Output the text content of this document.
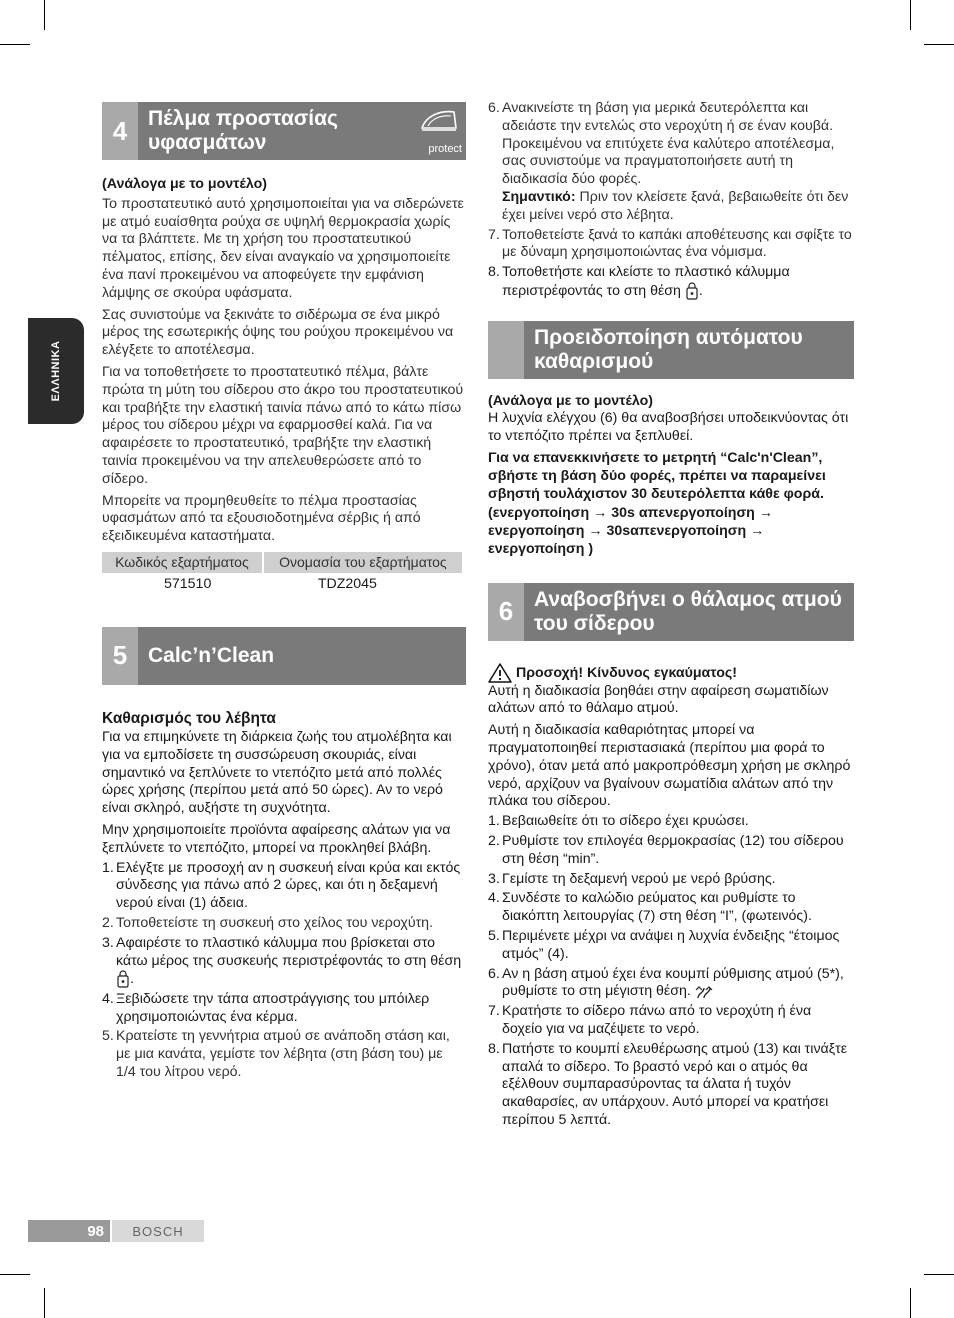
ΕΛΛΗΝΙΚΑ
4 Πέλμα προστασίας υφασμάτων	protect
(Ανάλογα με το μοντέλο)
Το προστατευτικό αυτό χρησιμοποιείται για να σιδερώνετε με ατμό ευαίσθητα ρούχα σε υψηλή θερμοκρασία χωρίς να τα βλάπτετε. Με τη χρήση του προστατευτικού πέλματος, επίσης, δεν είναι αναγκαίο να χρησιμοποιείτε ένα πανί προκειμένου να αποφεύγετε την εμφάνιση λάμψης σε σκούρα υφάσματα.
Σας συνιστούμε να ξεκινάτε το σιδέρωμα σε ένα μικρό μέρος της εσωτερικής όψης του ρούχου προκειμένου να ελέγξετε το αποτέλεσμα.
Για να τοποθετήσετε το προστατευτικό πέλμα, βάλτε πρώτα τη μύτη του σίδερου στο άκρο του προστατευτικού και τραβήξτε την ελαστική ταινία πάνω από το κάτω πίσω μέρος του σίδερου μέχρι να εφαρμοσθεί καλά. Για να αφαιρέσετε το προστατευτικό, τραβήξτε την ελαστική ταινία προκειμένου να την απελευθερώσετε από το σίδερο.
Μπορείτε να προμηθευθείτε το πέλμα προστασίας υφασμάτων από τα εξουσιοδοτημένα σέρβις ή από εξειδικευμένα καταστήματα.
Κωδικός εξαρτήματος	Ονομασία του εξαρτήματος
571510	TDZ2045
5 Calc’n’Clean
Καθαρισμός του λέβητα
Για να επιμηκύνετε τη διάρκεια ζωής του ατμολέβητα και για να εμποδίσετε τη συσσώρευση σκουριάς, είναι σημαντικό να ξεπλύνετε το ντεπόζιτο μετά από πολλές ώρες χρήσης (περίπου μετά από 50 ώρες). Αν το νερό είναι σκληρό, αυξήστε τη συχνότητα.
Μην χρησιμοποιείτε προϊόντα αφαίρεσης αλάτων για να ξεπλύνετε το ντεπόζιτο, μπορεί να προκληθεί βλάβη.
1. Ελέγξτε με προσοχή αν η συσκευή είναι κρύα και εκτός σύνδεσης για πάνω από 2 ώρες, και ότι η δεξαμενή νερού είναι (1) άδεια.
2. Τοποθετείστε τη συσκευή στο χείλος του νεροχύτη.
3. Αφαιρέστε το πλαστικό κάλυμμα που βρίσκεται στο κάτω μέρος της συσκευής περιστρέφοντάς το στη θέση .
4. Ξεβιδώσετε την τάπα αποστράγγισης του μπόιλερ χρησιμοποιώντας ένα κέρμα.
5. Κρατείστε τη γεννήτρια ατμού σε ανάποδη στάση και, με μια κανάτα, γεμίστε τον λέβητα (στη βάση του) με 1/4 του λίτρου νερό.
6. Ανακινείστε τη βάση για μερικά δευτερόλεπτα και αδειάστε την εντελώς στο νεροχύτη ή σε έναν κουβά. Προκειμένου να επιτύχετε ένα καλύτερο αποτέλεσμα, σας συνιστούμε να πραγματοποιήσετε αυτή τη διαδικασία δύο φορές.
Σημαντικό: Πριν τον κλείσετε ξανά, βεβαιωθείτε ότι δεν έχει μείνει νερό στο λέβητα.
7. Τοποθετείστε ξανά το καπάκι αποθέτευσης και σφίξτε το με δύναμη χρησιμοποιώντας ένα νόμισμα.
8. Τοποθετήστε και κλείστε το πλαστικό κάλυμμα περιστρέφοντάς το στη θέση .
Προειδοποίηση αυτόματου καθαρισμού
(Ανάλογα με το μοντέλο)
Η λυχνία ελέγχου (6) θα αναβοσβήσει υποδεικνύοντας ότι το ντεπόζιτο πρέπει να ξεπλυθεί.
Για να επανεκκινήσετε το μετρητή “Calc'n'Clean”, σβήστε τη βάση δύο φορές, πρέπει να παραμείνει σβηστή τουλάχιστον 30 δευτερόλεπτα κάθε φορά.
(ενεργοποίηση → 30s απενεργοποίηση → ενεργοποίηση → 30sαπενεργοποίηση → ενεργοποίηση )
6 Αναβοσβήνει ο θάλαμος ατμού του σίδερου
Προσοχή! Κίνδυνος εγκαύματος!
Αυτή η διαδικασία βοηθάει στην αφαίρεση σωματιδίων αλάτων από το θάλαμο ατμού.
Αυτή η διαδικασία καθαριότητας μπορεί να πραγματοποιηθεί περιστασιακά (περίπου μια φορά το χρόνο), όταν μετά από μακροπρόθεσμη χρήση με σκληρό νερό, αρχίζουν να βγαίνουν σωματίδια αλάτων από την πλάκα του σίδερου.
1. Βεβαιωθείτε ότι το σίδερο έχει κρυώσει.
2. Ρυθμίστε τον επιλογέα θερμοκρασίας (12) του σίδερου στη θέση “min”.
3. Γεμίστε τη δεξαμενή νερού με νερό βρύσης.
4. Συνδέστε το καλώδιο ρεύματος και ρυθμίστε το διακόπτη λειτουργίας (7) στη θέση “I”, (φωτεινός).
5. Περιμένετε μέχρι να ανάψει η λυχνία ένδειξης “έτοιμος ατμός” (4).
6. Αν η βάση ατμού έχει ένα κουμπί ρύθμισης ατμού (5*), ρυθμίστε το στη μέγιστη θέση.
7. Κρατήστε το σίδερο πάνω από το νεροχύτη ή ένα δοχείο για να μαζέψετε το νερό.
8. Πατήστε το κουμπί ελευθέρωσης ατμού (13) και τινάξτε απαλά το σίδερο. Το βραστό νερό και ο ατμός θα εξέλθουν συμπαρασύροντας τα άλατα ή τυχόν ακαθαρσίες, αν υπάρχουν. Αυτό μπορεί να κρατήσει περίπου 5 λεπτά.
98	BOSCH
